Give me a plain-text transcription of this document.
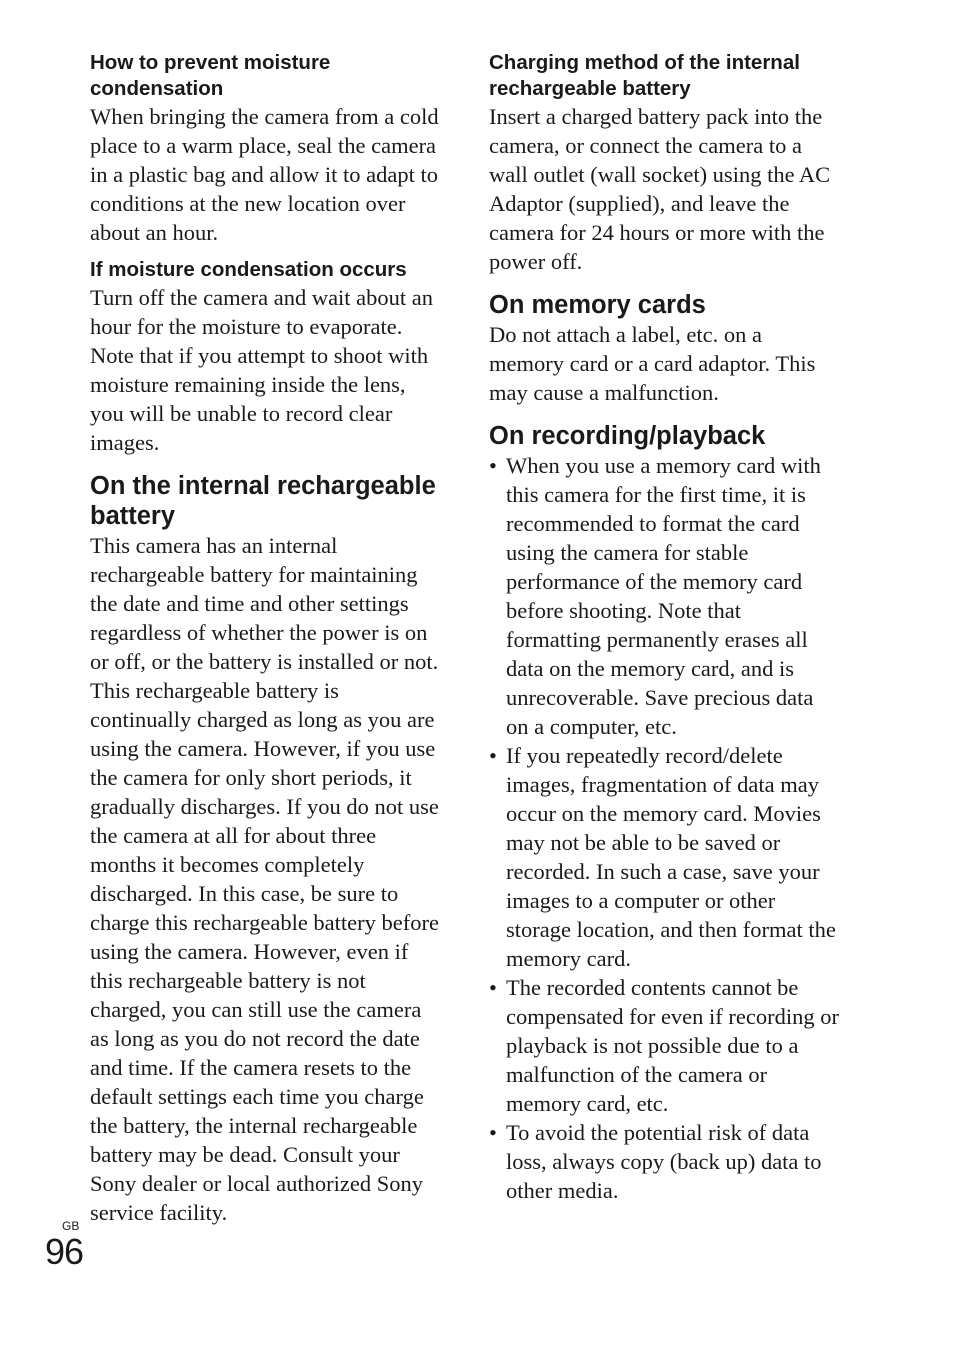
How to prevent moisture condensation

When bringing the camera from a cold place to a warm place, seal the camera in a plastic bag and allow it to adapt to conditions at the new location over about an hour.

If moisture condensation occurs

Turn off the camera and wait about an hour for the moisture to evaporate. Note that if you attempt to shoot with moisture remaining inside the lens, you will be unable to record clear images.

On the internal rechargeable battery

This camera has an internal rechargeable battery for maintaining the date and time and other settings regardless of whether the power is on or off, or the battery is installed or not. This rechargeable battery is continually charged as long as you are using the camera. However, if you use the camera for only short periods, it gradually discharges. If you do not use the camera at all for about three months it becomes completely discharged. In this case, be sure to charge this rechargeable battery before using the camera. However, even if this rechargeable battery is not charged, you can still use the camera as long as you do not record the date and time. If the camera resets to the default settings each time you charge the battery, the internal rechargeable battery may be dead. Consult your Sony dealer or local authorized Sony service facility.

Charging method of the internal rechargeable battery

Insert a charged battery pack into the camera, or connect the camera to a wall outlet (wall socket) using the AC Adaptor (supplied), and leave the camera for 24 hours or more with the power off.

On memory cards

Do not attach a label, etc. on a memory card or a card adaptor. This may cause a malfunction.

On recording/playback
• When you use a memory card with this camera for the first time, it is recommended to format the card using the camera for stable performance of the memory card before shooting. Note that formatting permanently erases all data on the memory card, and is unrecoverable. Save precious data on a computer, etc.
• If you repeatedly record/delete images, fragmentation of data may occur on the memory card. Movies may not be able to be saved or recorded. In such a case, save your images to a computer or other storage location, and then format the memory card.
• The recorded contents cannot be compensated for even if recording or playback is not possible due to a malfunction of the camera or memory card, etc.
• To avoid the potential risk of data loss, always copy (back up) data to other media.
GB
96
